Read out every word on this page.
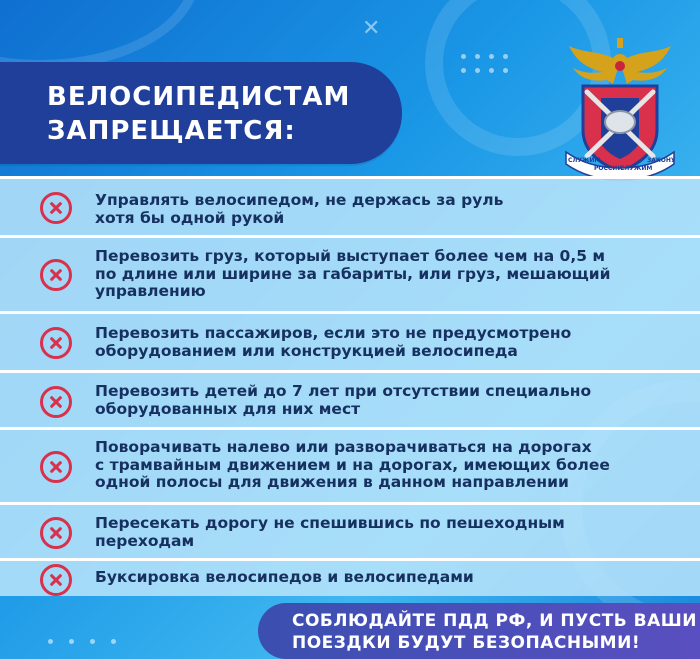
✕
ВЕЛОСИПЕДИСТАМ
ЗАПРЕЩАЕТСЯ:
СЛУЖИМ
РОССИИ
СЛУЖИМ
ЗАКОНУ
Управлять велосипедом, не держась за руль
хотя бы одной рукой
Перевозить груз, который выступает более чем на 0,5 м
по длине или ширине за габариты, или груз, мешающий
управлению
Перевозить пассажиров, если это не предусмотрено
оборудованием или конструкцией велосипеда
Перевозить детей до 7 лет при отсутствии специально
оборудованных для них мест
Поворачивать налево или разворачиваться на дорогах
с трамвайным движением и на дорогах, имеющих более
одной полосы для движения в данном направлении
Пересекать дорогу не спешившись по пешеходным
переходам
Буксировка велосипедов и велосипедами
СОБЛЮДАЙТЕ ПДД РФ, И ПУСТЬ ВАШИ
ПОЕЗДКИ БУДУТ БЕЗОПАСНЫМИ!
